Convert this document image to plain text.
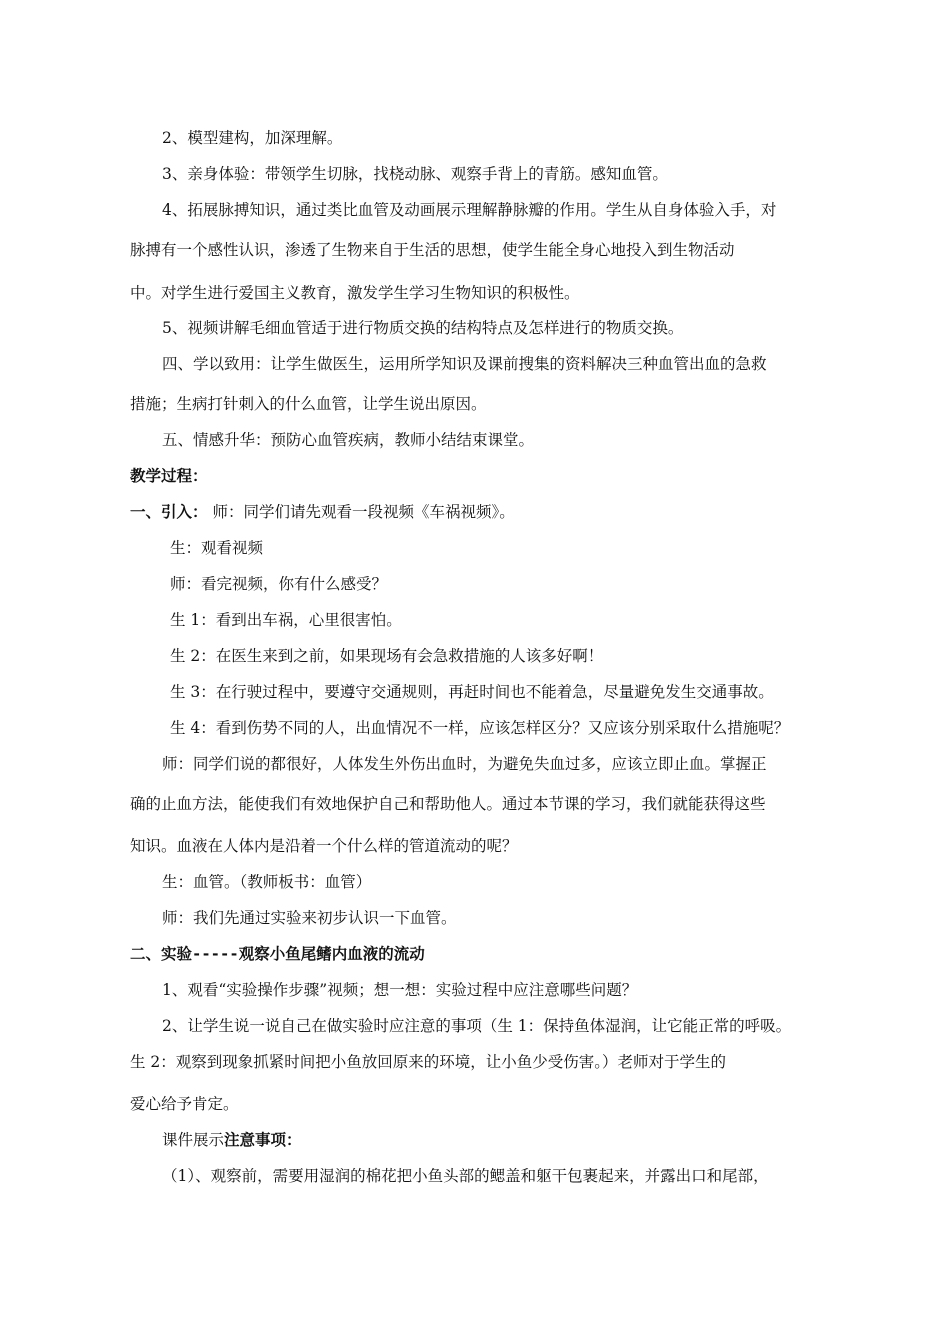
2、模型建构，加深理解。
3、亲身体验：带领学生切脉，找桡动脉、观察手背上的青筋。感知血管。
4、拓展脉搏知识，通过类比血管及动画展示理解静脉瓣的作用。学生从自身体验入手，对
脉搏有一个感性认识，渗透了生物来自于生活的思想，使学生能全身心地投入到生物活动
中。对学生进行爱国主义教育，激发学生学习生物知识的积极性。
5、视频讲解毛细血管适于进行物质交换的结构特点及怎样进行的物质交换。
四、学以致用：让学生做医生，运用所学知识及课前搜集的资料解决三种血管出血的急救
措施；生病打针刺入的什么血管，让学生说出原因。
五、情感升华：预防心血管疾病，教师小结结束课堂。
教学过程：
一、引入： 师：同学们请先观看一段视频《车祸视频》。
生：观看视频
师：看完视频，你有什么感受？
生 1：看到出车祸，心里很害怕。
生 2：在医生来到之前，如果现场有会急救措施的人该多好啊！
生 3：在行驶过程中，要遵守交通规则，再赶时间也不能着急，尽量避免发生交通事故。
生 4：看到伤势不同的人，出血情况不一样，应该怎样区分？又应该分别采取什么措施呢？
师：同学们说的都很好，人体发生外伤出血时，为避免失血过多，应该立即止血。掌握正
确的止血方法，能使我们有效地保护自己和帮助他人。通过本节课的学习，我们就能获得这些
知识。血液在人体内是沿着一个什么样的管道流动的呢？
生：血管。（教师板书：血管）
师：我们先通过实验来初步认识一下血管。
二、实验-----观察小鱼尾鳍内血液的流动
1、观看“实验操作步骤”视频；想一想：实验过程中应注意哪些问题？
2、让学生说一说自己在做实验时应注意的事项（生 1：保持鱼体湿润，让它能正常的呼吸。
生 2：观察到现象抓紧时间把小鱼放回原来的环境，让小鱼少受伤害。）老师对于学生的
爱心给予肯定。
课件展示注意事项：
（1）、观察前，需要用湿润的棉花把小鱼头部的鳃盖和躯干包裹起来，并露出口和尾部，
